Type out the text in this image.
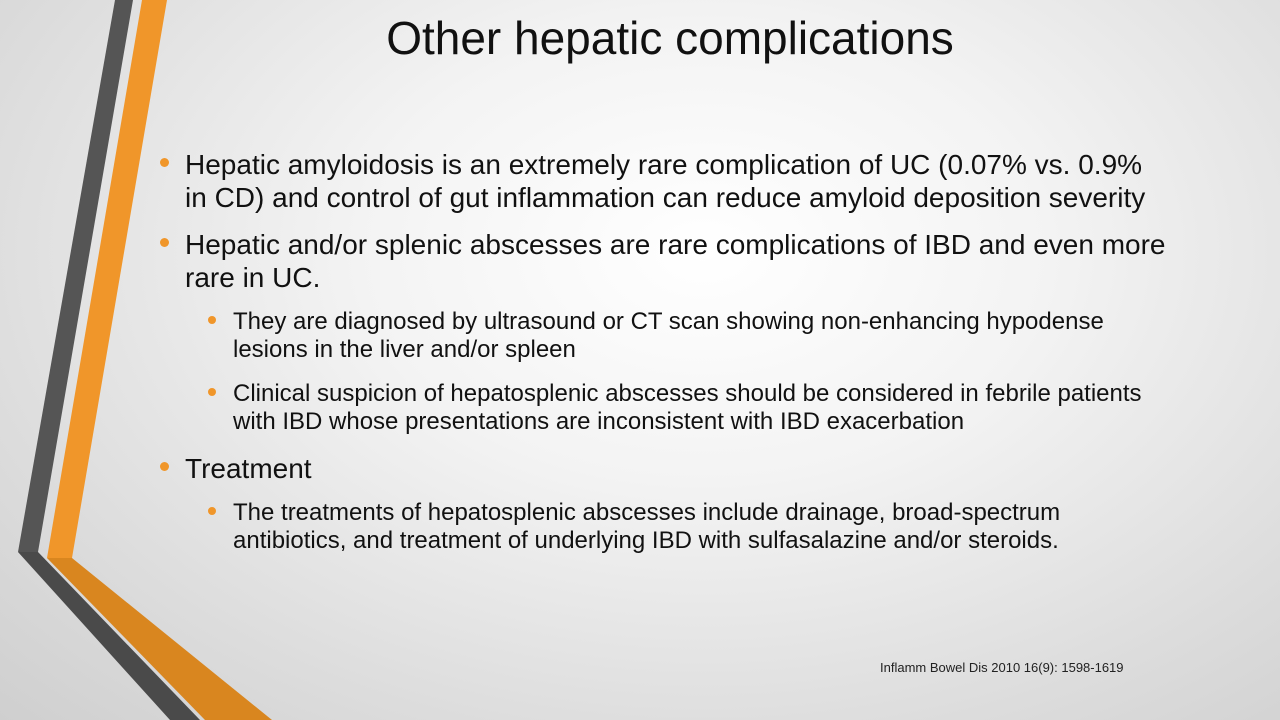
Other hepatic complications
Hepatic amyloidosis is an extremely rare complication of UC (0.07% vs. 0.9% in CD) and control of gut inflammation can reduce amyloid deposition severity
Hepatic and/or splenic abscesses are rare complications of IBD and even more rare in UC.
They are diagnosed by ultrasound or CT scan showing non-enhancing hypodense lesions in the liver and/or spleen
Clinical suspicion of hepatosplenic abscesses should be considered in febrile patients with IBD whose presentations are inconsistent with IBD exacerbation
Treatment
The treatments of hepatosplenic abscesses include drainage, broad-spectrum antibiotics, and treatment of underlying IBD with sulfasalazine and/or steroids.
Inflamm Bowel Dis 2010 16(9): 1598-1619
